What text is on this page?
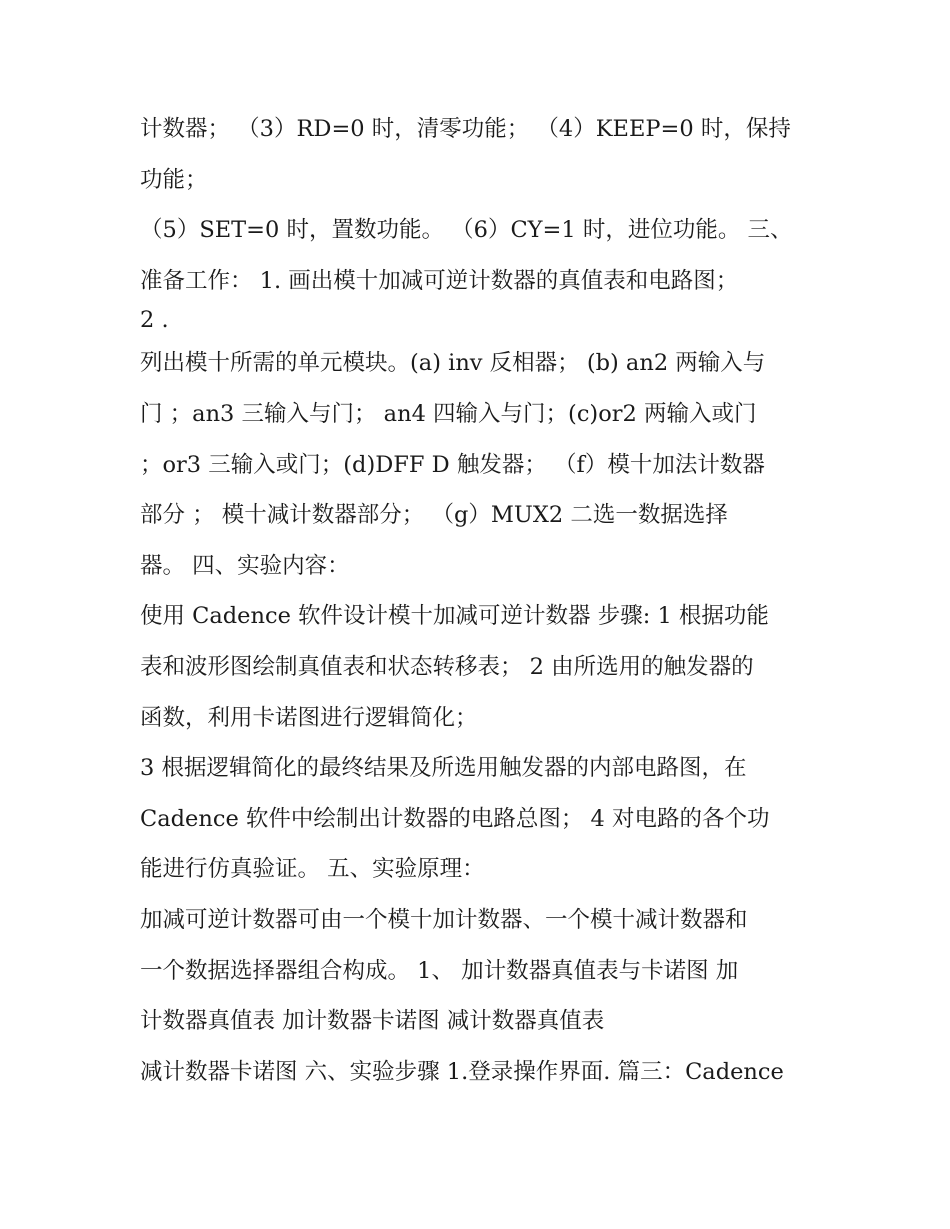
计数器； （3）RD=0 时，清零功能； （4）KEEP=0 时，保持
功能；
（5）SET=0 时，置数功能。 （6）CY=1 时，进位功能。 三、
准备工作： 1. 画出模十加减可逆计数器的真值表和电路图；
2 .
列出模十所需的单元模块。(a) inv 反相器； (b) an2 两输入与
门 ；an3 三输入与门； an4 四输入与门；(c)or2 两输入或门
；or3 三输入或门；(d)DFF D 触发器； （f）模十加法计数器
部分 ； 模十减计数器部分； （g）MUX2 二选一数据选择
器。 四、实验内容：
使用 Cadence 软件设计模十加减可逆计数器 步骤: 1 根据功能
表和波形图绘制真值表和状态转移表； 2 由所选用的触发器的
函数，利用卡诺图进行逻辑简化；
3 根据逻辑简化的最终结果及所选用触发器的内部电路图，在
Cadence 软件中绘制出计数器的电路总图； 4 对电路的各个功
能进行仿真验证。 五、实验原理：
加减可逆计数器可由一个模十加计数器、一个模十减计数器和
一个数据选择器组合构成。 1、 加计数器真值表与卡诺图 加
计数器真值表 加计数器卡诺图 减计数器真值表
减计数器卡诺图 六、实验步骤 1.登录操作界面. 篇三：Cadence
